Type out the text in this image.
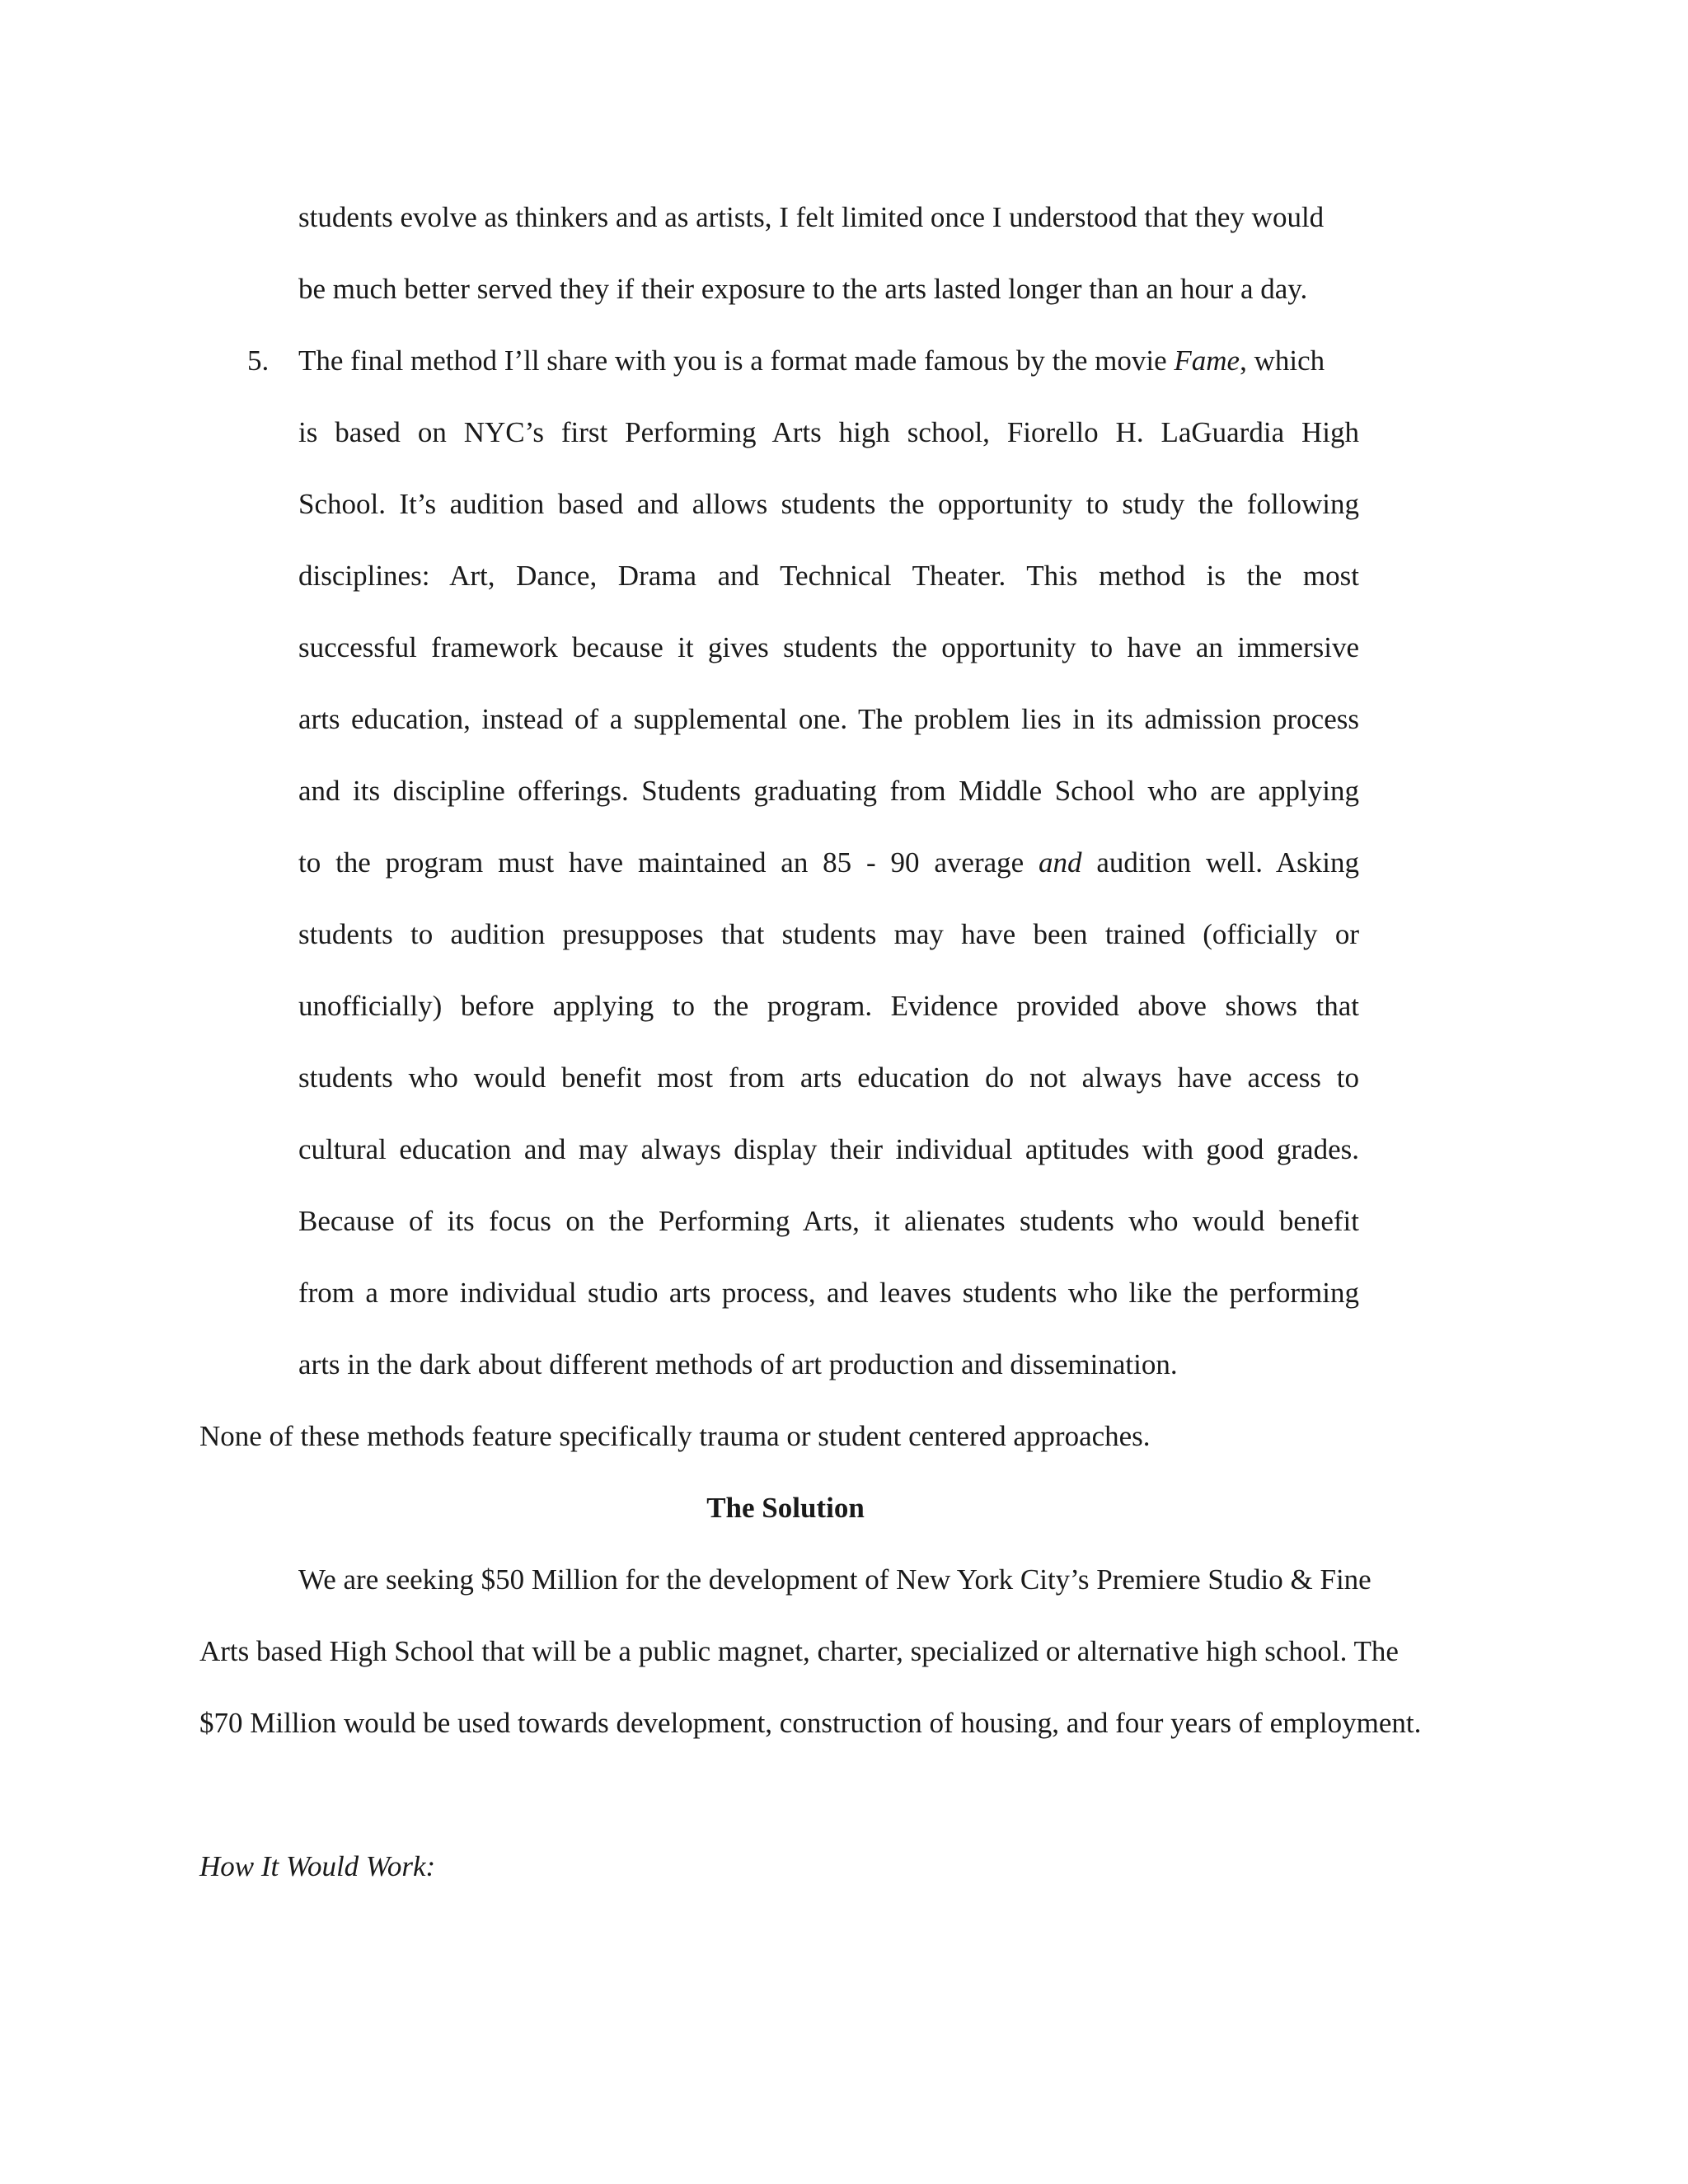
students evolve as thinkers and as artists, I felt limited once I understood that they would
be much better served they if their exposure to the arts lasted longer than an hour a day.
5. The final method I’ll share with you is a format made famous by the movie Fame, which
is based on NYC’s first Performing Arts high school, Fiorello H. LaGuardia High
School. It’s audition based and allows students the opportunity to study the following
disciplines: Art, Dance, Drama and Technical Theater. This method is the most
successful framework because it gives students the opportunity to have an immersive
arts education, instead of a supplemental one. The problem lies in its admission process
and its discipline offerings. Students graduating from Middle School who are applying
to the program must have maintained an 85 - 90 average and audition well. Asking
students to audition presupposes that students may have been trained (officially or
unofficially) before applying to the program. Evidence provided above shows that
students who would benefit most from arts education do not always have access to
cultural education and may always display their individual aptitudes with good grades.
Because of its focus on the Performing Arts, it alienates students who would benefit
from a more individual studio arts process, and leaves students who like the performing
arts in the dark about different methods of art production and dissemination.
None of these methods feature specifically trauma or student centered approaches.
The Solution
We are seeking $50 Million for the development of New York City’s Premiere Studio & Fine
Arts based High School that will be a public magnet, charter, specialized or alternative high school. The
$70 Million would be used towards development, construction of housing, and four years of employment.
How It Would Work:
